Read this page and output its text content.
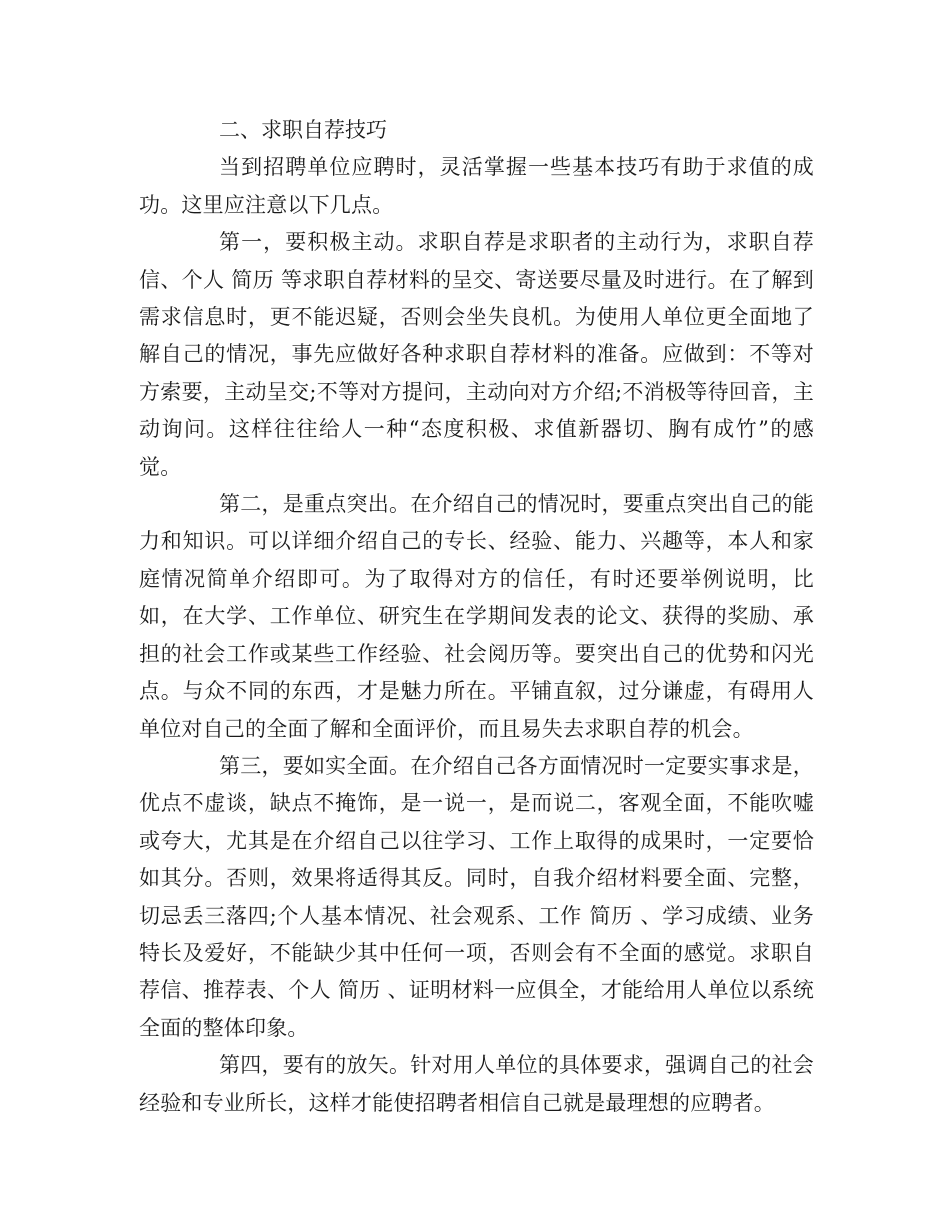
二、求职自荐技巧

当到招聘单位应聘时，灵活掌握一些基本技巧有助于求值的成功。这里应注意以下几点。

第一，要积极主动。求职自荐是求职者的主动行为，求职自荐信、个人 简历 等求职自荐材料的呈交、寄送要尽量及时进行。在了解到需求信息时，更不能迟疑，否则会坐失良机。为使用人单位更全面地了解自己的情况，事先应做好各种求职自荐材料的准备。应做到：不等对方索要，主动呈交;不等对方提问，主动向对方介绍;不消极等待回音，主动询问。这样往往给人一种“态度积极、求值新器切、胸有成竹”的感觉。

第二，是重点突出。在介绍自己的情况时，要重点突出自己的能力和知识。可以详细介绍自己的专长、经验、能力、兴趣等，本人和家庭情况简单介绍即可。为了取得对方的信任，有时还要举例说明，比如，在大学、工作单位、研究生在学期间发表的论文、获得的奖励、承担的社会工作或某些工作经验、社会阅历等。要突出自己的优势和闪光点。与众不同的东西，才是魅力所在。平铺直叙，过分谦虚，有碍用人单位对自己的全面了解和全面评价，而且易失去求职自荐的机会。

第三，要如实全面。在介绍自己各方面情况时一定要实事求是，优点不虚谈，缺点不掩饰，是一说一，是而说二，客观全面，不能吹嘘或夸大，尤其是在介绍自己以往学习、工作上取得的成果时，一定要恰如其分。否则，效果将适得其反。同时，自我介绍材料要全面、完整，切忌丢三落四;个人基本情况、社会观系、工作 简历 、学习成绩、业务特长及爱好，不能缺少其中任何一项，否则会有不全面的感觉。求职自荐信、推荐表、个人 简历 、证明材料一应俱全，才能给用人单位以系统全面的整体印象。

第四，要有的放矢。针对用人单位的具体要求，强调自己的社会经验和专业所长，这样才能使招聘者相信自己就是最理想的应聘者。
